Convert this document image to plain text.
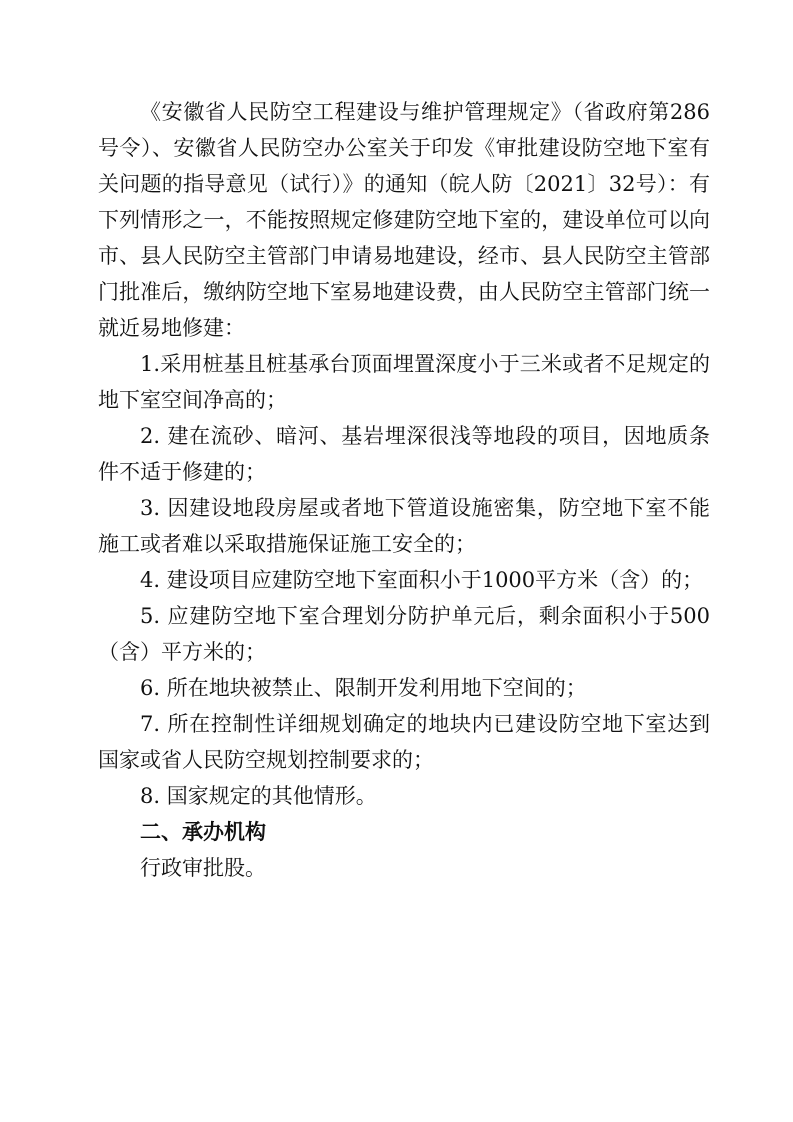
《安徽省人民防空工程建设与维护管理规定》（省政府第286号令）、安徽省人民防空办公室关于印发《审批建设防空地下室有关问题的指导意见（试行）》的通知（皖人防〔2021〕32号）：有下列情形之一，不能按照规定修建防空地下室的，建设单位可以向市、县人民防空主管部门申请易地建设，经市、县人民防空主管部门批准后，缴纳防空地下室易地建设费，由人民防空主管部门统一就近易地修建：

1.采用桩基且桩基承台顶面埋置深度小于三米或者不足规定的地下室空间净高的；

2. 建在流砂、暗河、基岩埋深很浅等地段的项目，因地质条件不适于修建的；

3. 因建设地段房屋或者地下管道设施密集，防空地下室不能施工或者难以采取措施保证施工安全的；

4. 建设项目应建防空地下室面积小于1000平方米（含）的；

5. 应建防空地下室合理划分防护单元后，剩余面积小于500（含）平方米的；

6. 所在地块被禁止、限制开发利用地下空间的；

7. 所在控制性详细规划确定的地块内已建设防空地下室达到国家或省人民防空规划控制要求的；

8. 国家规定的其他情形。

二、承办机构

行政审批股。
